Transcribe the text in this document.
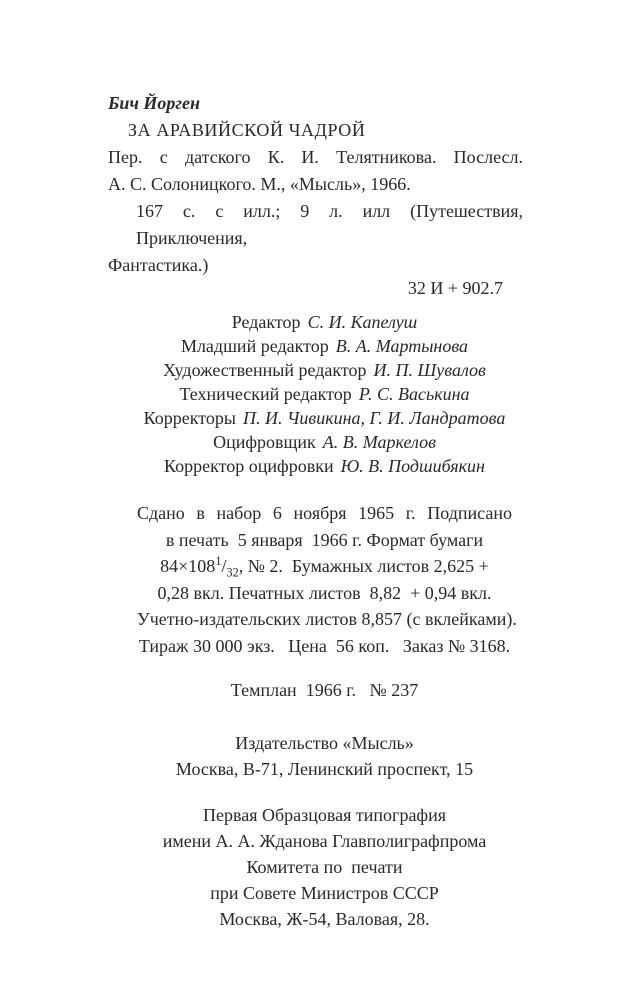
Бич Йорген
ЗА АРАВИЙСКОЙ ЧАДРОЙ
Пер. с датского К. И. Телятникова. Послесл.
А. С. Солоницкого. М., «Мысль», 1966.
167 с. с илл.; 9 л. илл (Путешествия, Приключения,
Фантастика.)
32 И + 902.7
Редактор С. И. Капелуш
Младший редактор В. А. Мартынова
Художественный редактор И. П. Шувалов
Технический редактор Р. С. Васькина
Корректоры П. И. Чивикина, Г. И. Ландратова
Оцифровщик А. В. Маркелов
Корректор оцифровки Ю. В. Подшибякин
Сдано в набор 6 ноября 1965 г. Подписано
в печать 5 января 1966 г. Формат бумаги
$84\times 108^1/_{32}$, № 2. Бумажных листов 2,625 +
0,28 вкл. Печатных листов 8,82 + 0,94 вкл.
Учетно-издательских листов 8,857 (с вклейками).
Тираж 30 000 экз.  Цена 56 коп.  Заказ № 3168.
Темплан 1966 г.  № 237
Издательство «Мысль»
Москва, В-71, Ленинский проспект, 15
Первая Образцовая типография
имени А. А. Жданова Главполиграфпрома
Комитета по печати
при Совете Министров СССР
Москва, Ж-54, Валовая, 28.
